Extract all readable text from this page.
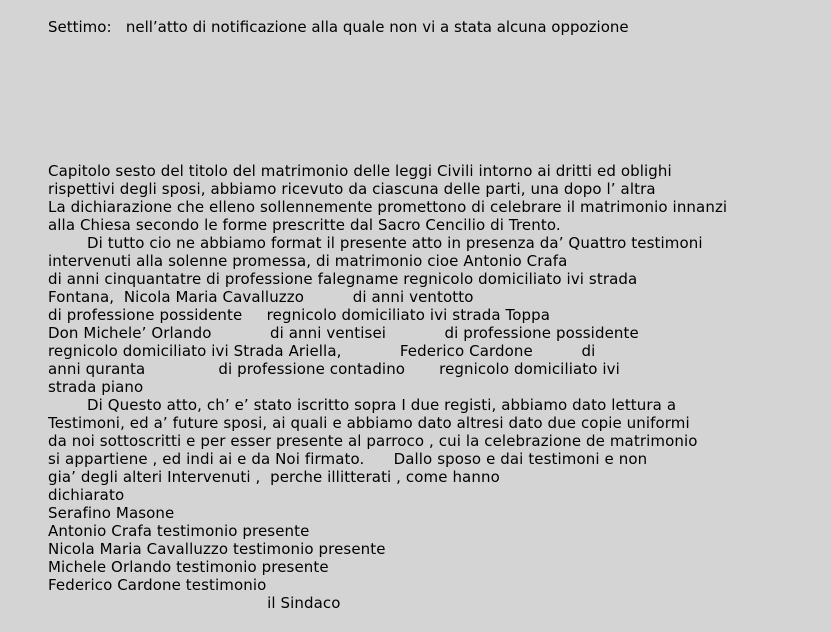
Settimo:   nell’atto di notificazione alla quale non vi a stata alcuna oppozione
Capitolo sesto del titolo del matrimonio delle leggi Civili intorno ai dritti ed oblighi
rispettivi degli sposi, abbiamo ricevuto da ciascuna delle parti, una dopo l’ altra
La dichiarazione che elleno sollennemente promettono di celebrare il matrimonio innanzi
alla Chiesa secondo le forme prescritte dal Sacro Cencilio di Trento.
Di tutto cio ne abbiamo format il presente atto in presenza da’ Quattro testimoni
intervenuti alla solenne promessa, di matrimonio cioe Antonio Crafa
di anni cinquantatre di professione falegname regnicolo domiciliato ivi strada
Fontana,  Nicola Maria Cavalluzzo          di anni ventotto
di professione possidente     regnicolo domiciliato ivi strada Toppa
Don Michele’ Orlando            di anni ventisei            di professione possidente
regnicolo domiciliato ivi Strada Ariella,            Federico Cardone          di
anni quranta               di professione contadino       regnicolo domiciliato ivi
strada piano
Di Questo atto, ch’ e’ stato iscritto sopra I due registi, abbiamo dato lettura a
Testimoni, ed a’ future sposi, ai quali e abbiamo dato altresi dato due copie uniformi
da noi sottoscritti e per esser presente al parroco , cui la celebrazione de matrimonio
si appartiene , ed indi ai e da Noi firmato.      Dallo sposo e dai testimoni e non
gia’ degli alteri Intervenuti ,  perche illitterati , come hanno
dichiarato
Serafino Masone
Antonio Crafa testimonio presente
Nicola Maria Cavalluzzo testimonio presente
Michele Orlando testimonio presente
Federico Cardone testimonio
il Sindaco
